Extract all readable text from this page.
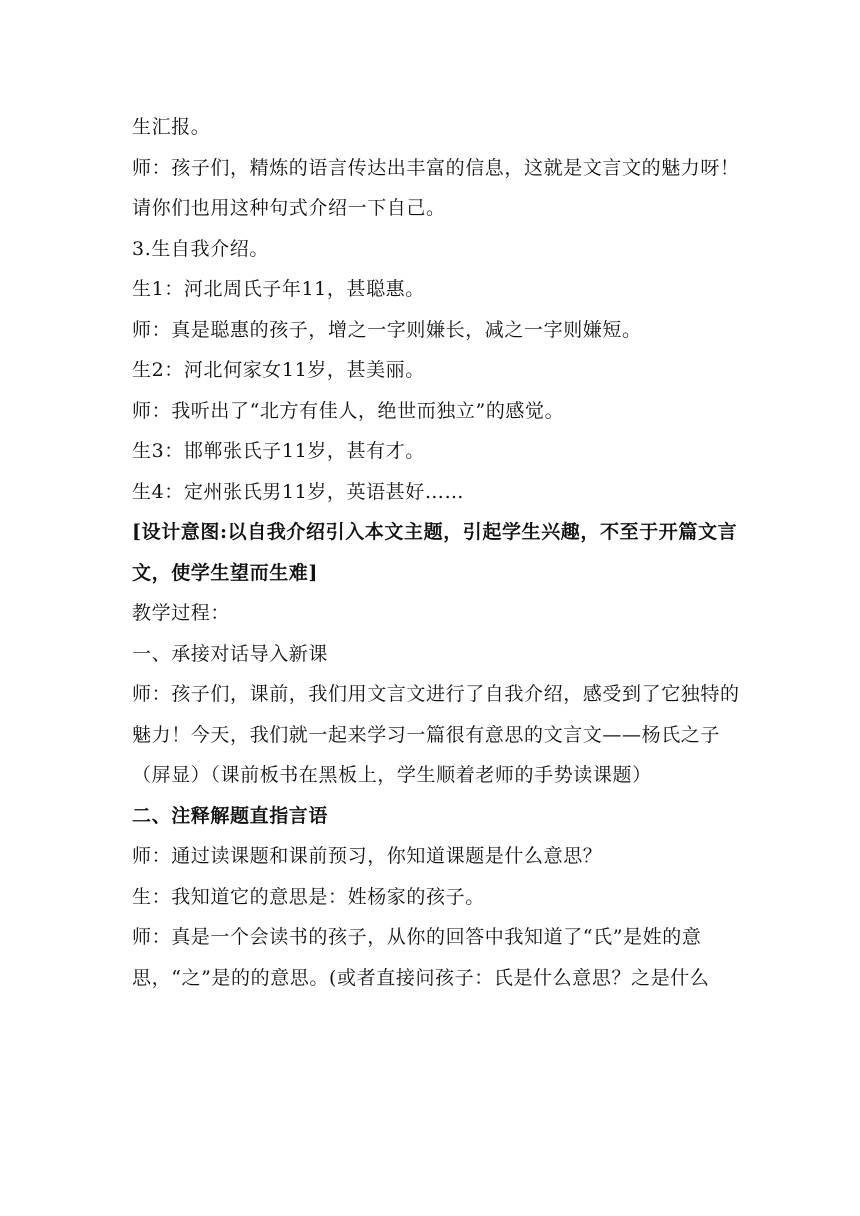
生汇报。

师：孩子们，精炼的语言传达出丰富的信息，这就是文言文的魅力呀！请你们也用这种句式介绍一下自己。

3.生自我介绍。

生1：河北周氏子年11，甚聪惠。

师：真是聪惠的孩子，增之一字则嫌长，减之一字则嫌短。

生2：河北何家女11岁，甚美丽。

师：我听出了“北方有佳人，绝世而独立”的感觉。

生3：邯郸张氏子11岁，甚有才。

生4：定州张氏男11岁，英语甚好……

[设计意图:以自我介绍引入本文主题，引起学生兴趣，不至于开篇文言文，使学生望而生难]

教学过程：

一、承接对话导入新课

师：孩子们，课前，我们用文言文进行了自我介绍，感受到了它独特的魅力！今天，我们就一起来学习一篇很有意思的文言文——杨氏之子（屏显）（课前板书在黑板上，学生顺着老师的手势读课题）

二、注释解题直指言语

师：通过读课题和课前预习，你知道课题是什么意思？

生：我知道它的意思是：姓杨家的孩子。

师：真是一个会读书的孩子，从你的回答中我知道了“氏”是姓的意思，“之”是的的意思。(或者直接问孩子：氏是什么意思？之是什么
